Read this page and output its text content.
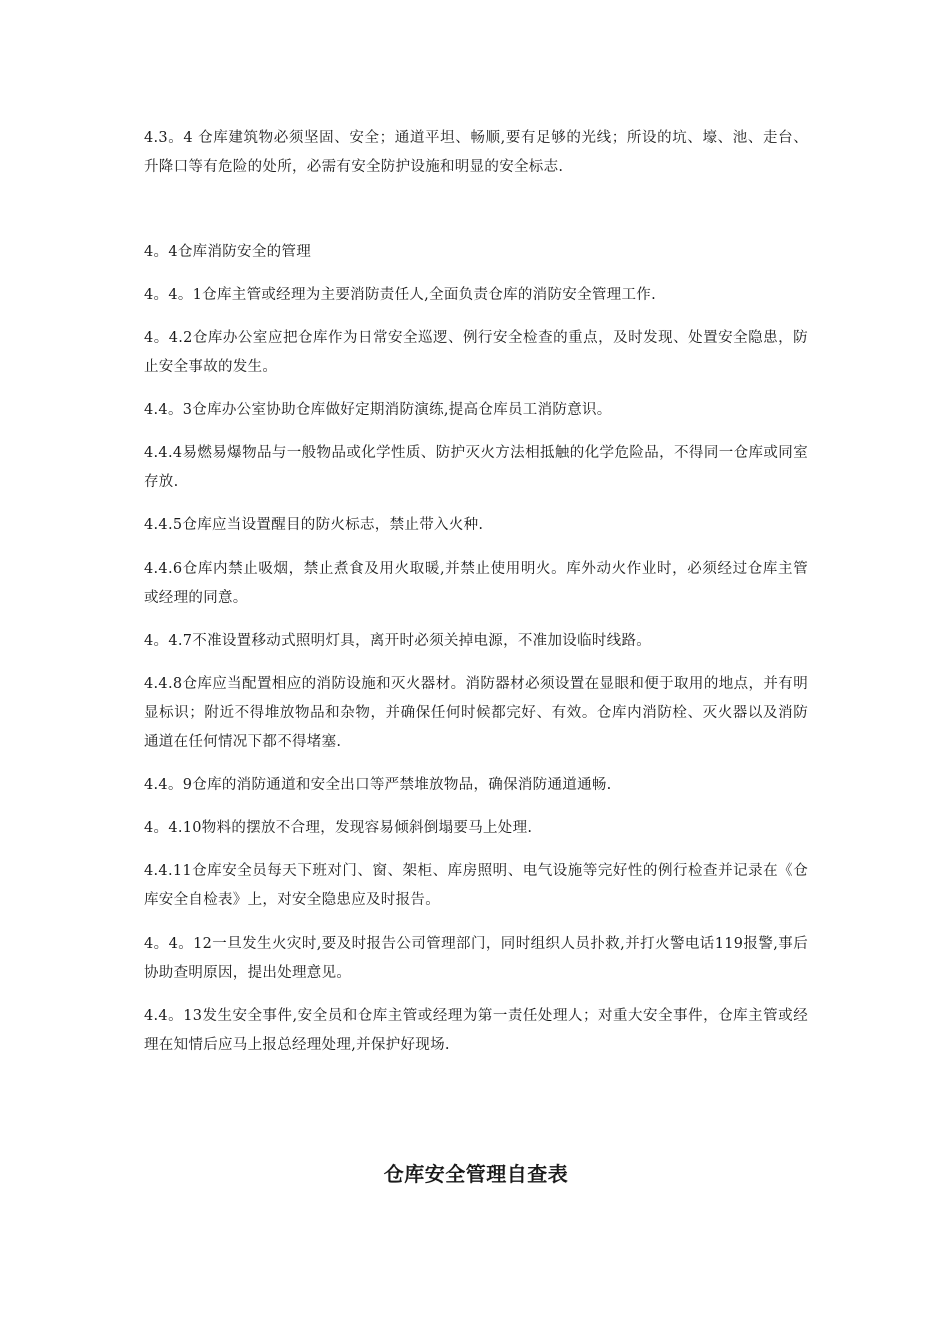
4.3。4 仓库建筑物必须坚固、安全；通道平坦、畅顺,要有足够的光线；所设的坑、壕、池、走台、升降口等有危险的处所，必需有安全防护设施和明显的安全标志.

4。4仓库消防安全的管理

4。4。1仓库主管或经理为主要消防责任人,全面负责仓库的消防安全管理工作.

4。4.2仓库办公室应把仓库作为日常安全巡逻、例行安全检查的重点，及时发现、处置安全隐患，防止安全事故的发生。

4.4。3仓库办公室协助仓库做好定期消防演练,提高仓库员工消防意识。

4.4.4易燃易爆物品与一般物品或化学性质、防护灭火方法相抵触的化学危险品，不得同一仓库或同室存放.

4.4.5仓库应当设置醒目的防火标志，禁止带入火种.

4.4.6仓库内禁止吸烟，禁止煮食及用火取暖,并禁止使用明火。库外动火作业时，必须经过仓库主管或经理的同意。

4。4.7不准设置移动式照明灯具，离开时必须关掉电源，不准加设临时线路。

4.4.8仓库应当配置相应的消防设施和灭火器材。消防器材必须设置在显眼和便于取用的地点，并有明显标识；附近不得堆放物品和杂物，并确保任何时候都完好、有效。仓库内消防栓、灭火器以及消防通道在任何情况下都不得堵塞.

4.4。9仓库的消防通道和安全出口等严禁堆放物品，确保消防通道通畅.

4。4.10物料的摆放不合理，发现容易倾斜倒塌要马上处理.

4.4.11仓库安全员每天下班对门、窗、架柜、库房照明、电气设施等完好性的例行检查并记录在《仓库安全自检表》上，对安全隐患应及时报告。

4。4。12一旦发生火灾时,要及时报告公司管理部门，同时组织人员扑救,并打火警电话119报警,事后协助查明原因，提出处理意见。

4.4。13发生安全事件,安全员和仓库主管或经理为第一责任处理人；对重大安全事件，仓库主管或经理在知情后应马上报总经理处理,并保护好现场.

仓库安全管理自查表
